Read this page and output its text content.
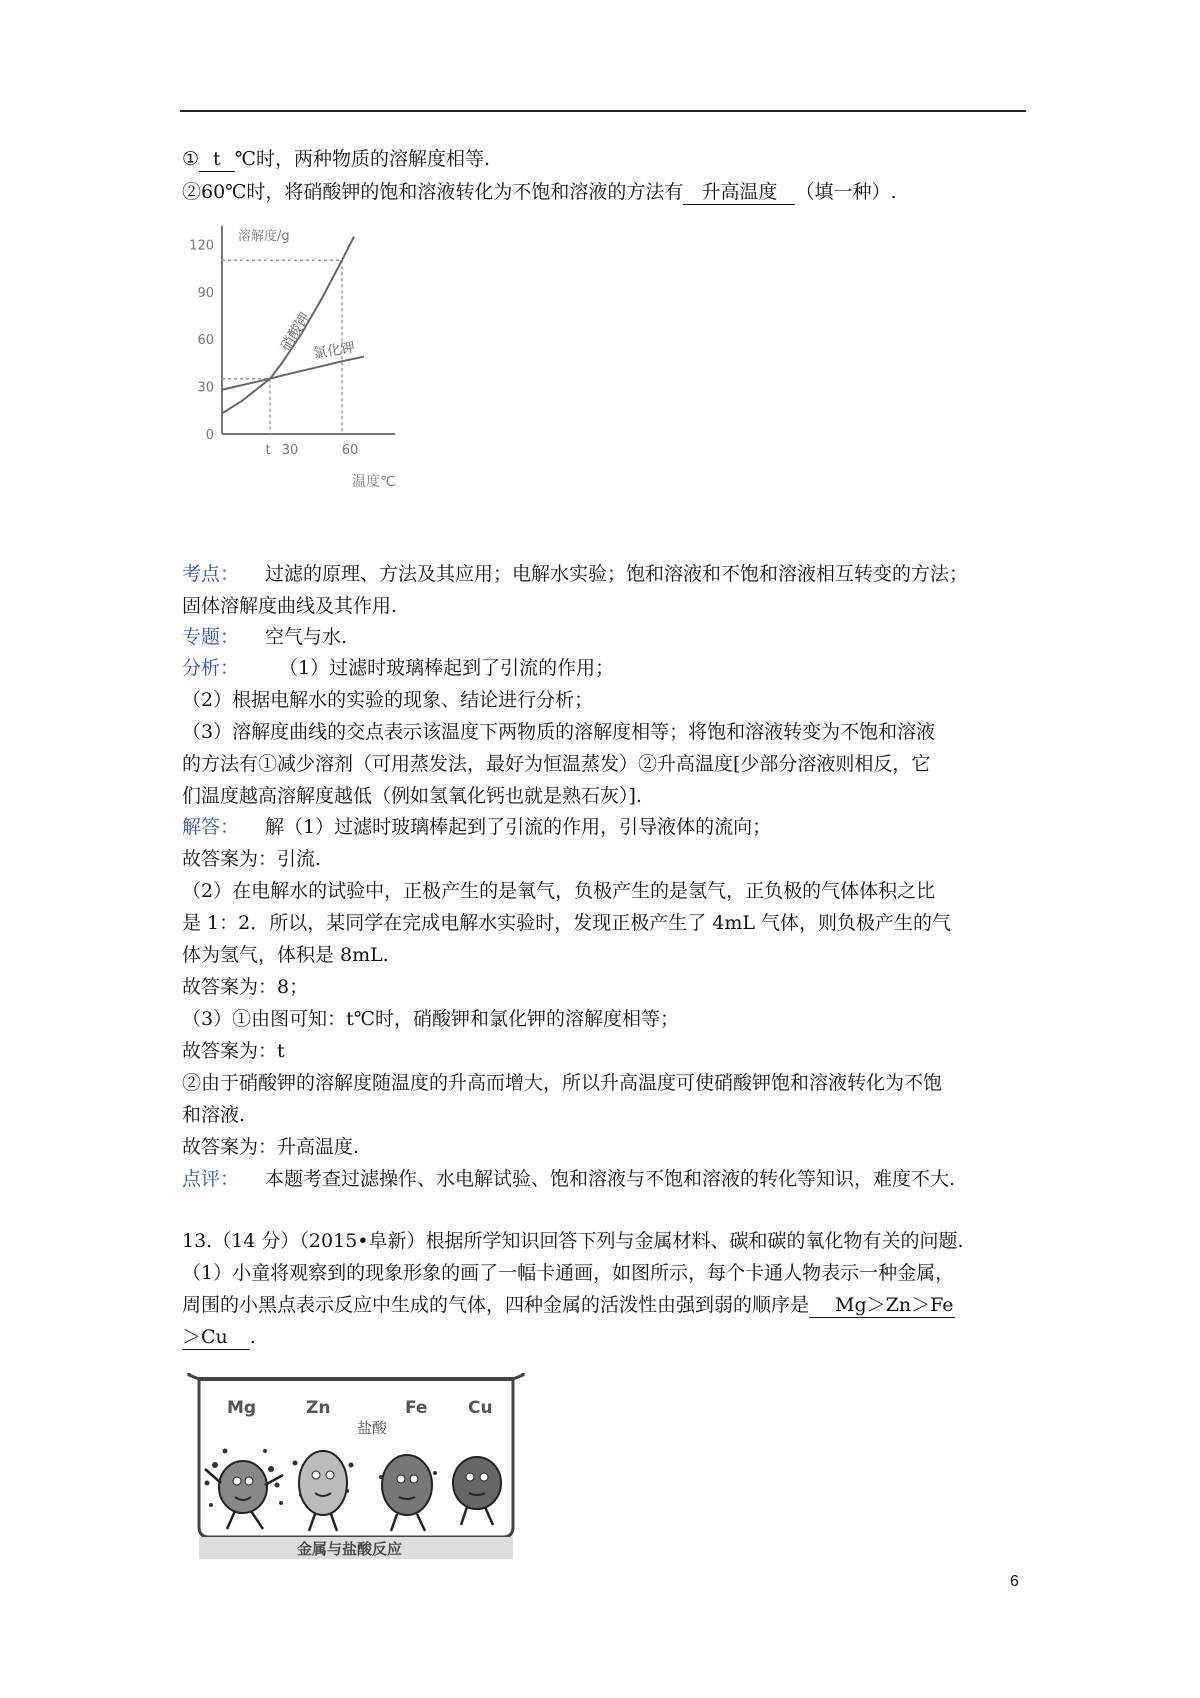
① t ℃时，两种物质的溶解度相等.
②60℃时，将硝酸钾的饱和溶液转化为不饱和溶液的方法有 升高温度 （填一种）.
溶解度/g
温度℃
0
30
60
90
120
t 30	60
硝酸钾
氯化钾
考点： 过滤的原理、方法及其应用；电解水实验；饱和溶液和不饱和溶液相互转变的方法；
固体溶解度曲线及其作用.
专题： 空气与水.
分析： （1）过滤时玻璃棒起到了引流的作用；
（2）根据电解水的实验的现象、结论进行分析；
（3）溶解度曲线的交点表示该温度下两物质的溶解度相等；将饱和溶液转变为不饱和溶液
的方法有①减少溶剂（可用蒸发法，最好为恒温蒸发）②升高温度[少部分溶液则相反，它
们温度越高溶解度越低（例如氢氧化钙也就是熟石灰）].
解答： 解（1）过滤时玻璃棒起到了引流的作用，引导液体的流向；
故答案为：引流.
（2）在电解水的试验中，正极产生的是氧气，负极产生的是氢气，正负极的气体体积之比
是 1：2．所以，某同学在完成电解水实验时，发现正极产生了 4mL 气体，则负极产生的气
体为氢气，体积是 8mL.
故答案为：8；
（3）①由图可知：t℃时，硝酸钾和氯化钾的溶解度相等；
故答案为：t
②由于硝酸钾的溶解度随温度的升高而增大，所以升高温度可使硝酸钾饱和溶液转化为不饱
和溶液.
故答案为：升高温度.
点评： 本题考查过滤操作、水电解试验、饱和溶液与不饱和溶液的转化等知识，难度不大.
13.（14 分）（2015•阜新）根据所学知识回答下列与金属材料、碳和碳的氧化物有关的问题.
（1）小童将观察到的现象形象的画了一幅卡通画，如图所示，每个卡通人物表示一种金属，
周围的小黑点表示反应中生成的气体，四种金属的活泼性由强到弱的顺序是 Mg＞Zn＞Fe
＞Cu .
Mg	Zn	Fe Cu
盐酸
金属与盐酸反应
6
